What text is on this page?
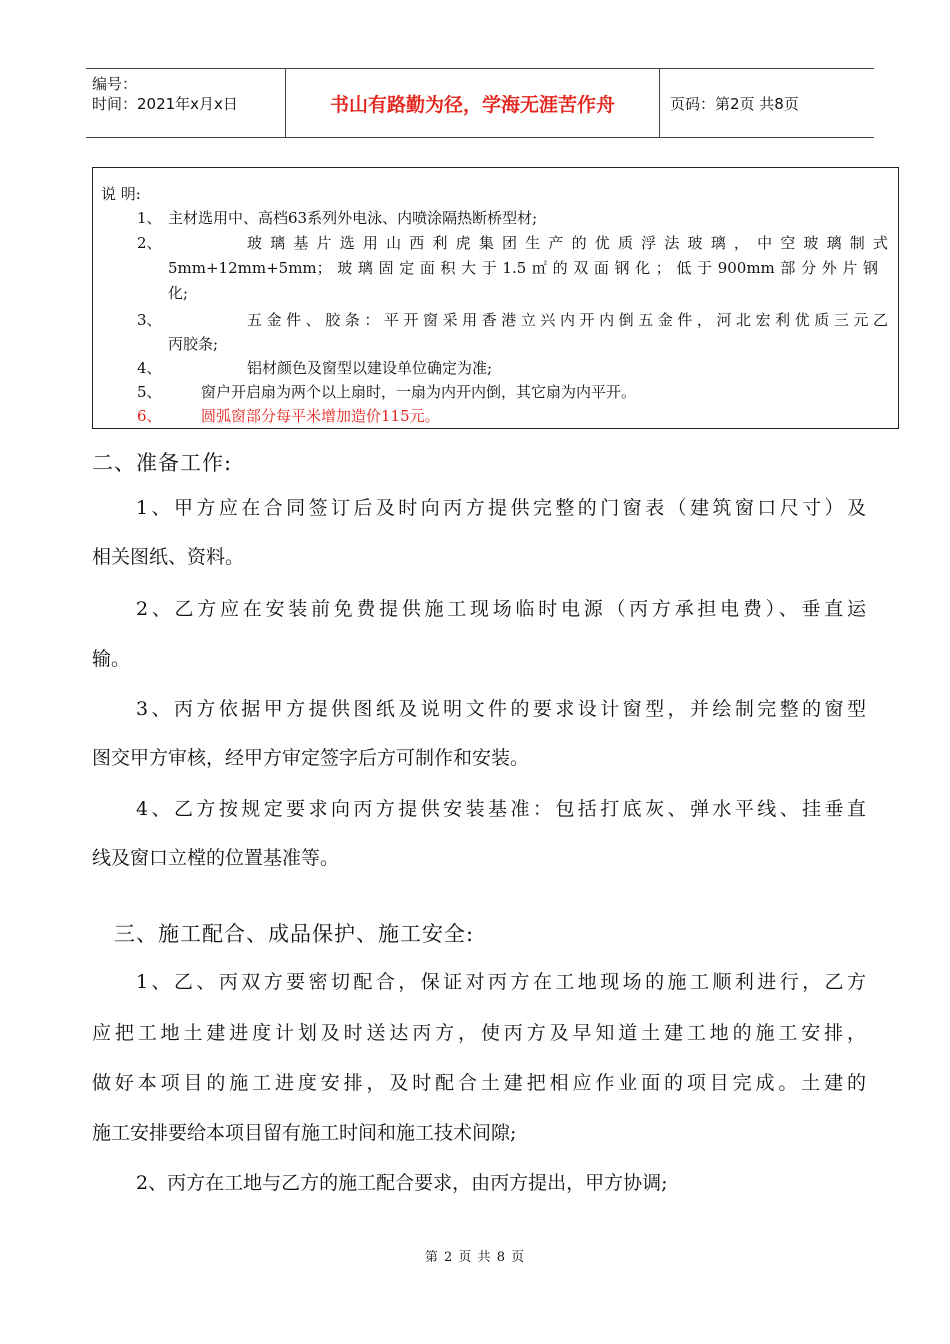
编号：
时间：2021年x月x日	书山有路勤为径，学海无涯苦作舟	页码：第2页 共8页
说 明:
1、 主材选用中、高档63系列外电泳、内喷涂隔热断桥型材;
2、	玻璃基片选用山西利虎集团生产的优质浮法玻璃，中空玻璃制式
5mm+12mm+5mm；玻璃固定面积大于1.5㎡的双面钢化；低于900mm部分外片钢
化;
3、	五金件、胶条：平开窗采用香港立兴内开内倒五金件，河北宏利优质三元乙
丙胶条;
4、	铝材颜色及窗型以建设单位确定为准;
5、	窗户开启扇为两个以上扇时，一扇为内开内倒，其它扇为内平开。
6、	圆弧窗部分每平米增加造价115元。
二、准备工作:
1、甲方应在合同签订后及时向丙方提供完整的门窗表（建筑窗口尺寸）及
相关图纸、资料。
2、乙方应在安装前免费提供施工现场临时电源（丙方承担电费）、垂直运
输。
3、丙方依据甲方提供图纸及说明文件的要求设计窗型，并绘制完整的窗型
图交甲方审核，经甲方审定签字后方可制作和安装。
4、乙方按规定要求向丙方提供安装基准：包括打底灰、弹水平线、挂垂直
线及窗口立樘的位置基准等。
三、施工配合、成品保护、施工安全:
1、乙、丙双方要密切配合，保证对丙方在工地现场的施工顺利进行，乙方
应把工地土建进度计划及时送达丙方，使丙方及早知道土建工地的施工安排，
做好本项目的施工进度安排，及时配合土建把相应作业面的项目完成。土建的
施工安排要给本项目留有施工时间和施工技术间隙;
2、丙方在工地与乙方的施工配合要求，由丙方提出，甲方协调;
第 2 页 共 8 页
